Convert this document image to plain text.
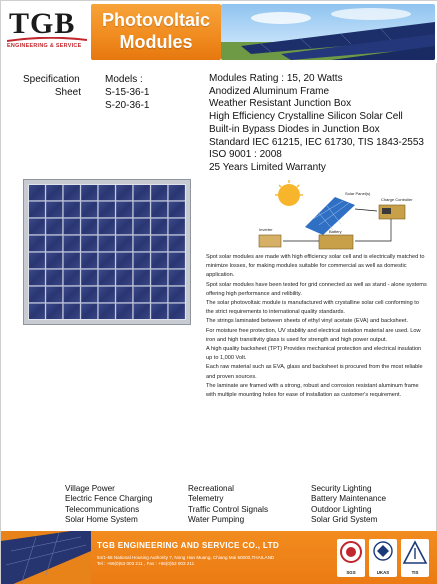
TGB
ENGINEERING & SERVICE
Photovoltaic
Modules
Specification
Sheet
Models :
S-15-36-1
S-20-36-1
Modules Rating : 15, 20 Watts
Anodized Aluminum Frame
Weather Resistant Junction Box
High Efficiency Crystalline Silicon Solar Cell
Built-in Bypass Diodes in Junction Box
Standard IEC 61215, IEC 61730, TIS 1843-2553
ISO 9001 : 2008
25 Years Limited Warranty
Solar Panel(s)
Charge Controller
Inverter	Battery

Spot solar modules are made with high efficiency solar cell and is electrically matched to minimize losses, for making modules suitable for commercial as well as domestic application.

Spot solar modules have been tested for grid connected as well as stand - alone systems offering high performance and relibility.

The solar photovoltaic module is manufactured with crystalline solar cell conforming to the strict requirements to international quality standards.

The strings laminated between sheets of ethyl vinyl acetate (EVA) and backsheet.

For moisture free protection, UV stability and electrical isolation material are used. Low iron and high transitivity glass is used for strength and high power output.

A high quality backsheet (TPT) Provides mechanical protection and electrical insulation up to 1,000 Volt.

Each raw material such as EVA, glass and backsheet is procured from the most reliable and proven sources.

The laminate are framed with a strong, robust and corrosion resistant aluminum frame with multiple mounting holes for ease of installation as customer's requirement.

Village Power
Electric Fence Charging
Telecommunications
Solar Home System
Recreational
Telemetry
Traffic Control Signals
Water Pumping
Security Lighting
Battery Maintenance
Outdoor Lighting
Solar Grid System
TGB ENGINEERING AND SERVICE CO., LTD
54/1-56 National Housing Authority 7, Nong Han Muang, Chiang Mai 50000,THAILAND
Tel : +66(0)53 003 211 , Fax : +66(0)53 003 211
SGS	UKAS	TIS
